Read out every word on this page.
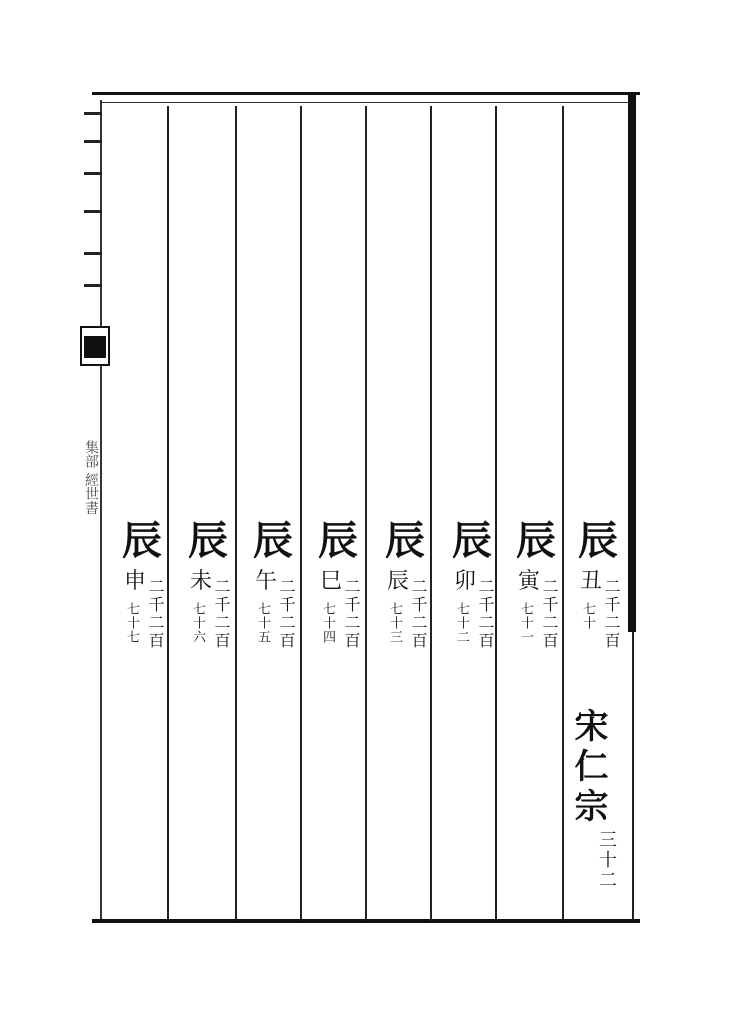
集部 經世書
辰
丑 二千二百
七十
辰
寅 二千二百
七十一
辰
卯 二千二百
七十二
辰
辰 二千二百
七十三
辰
巳 二千二百
七十四
辰
午 二千二百
七十五
辰
未 二千二百
七十六
辰
申 二千二百
七十七
宋仁宗
三十二
